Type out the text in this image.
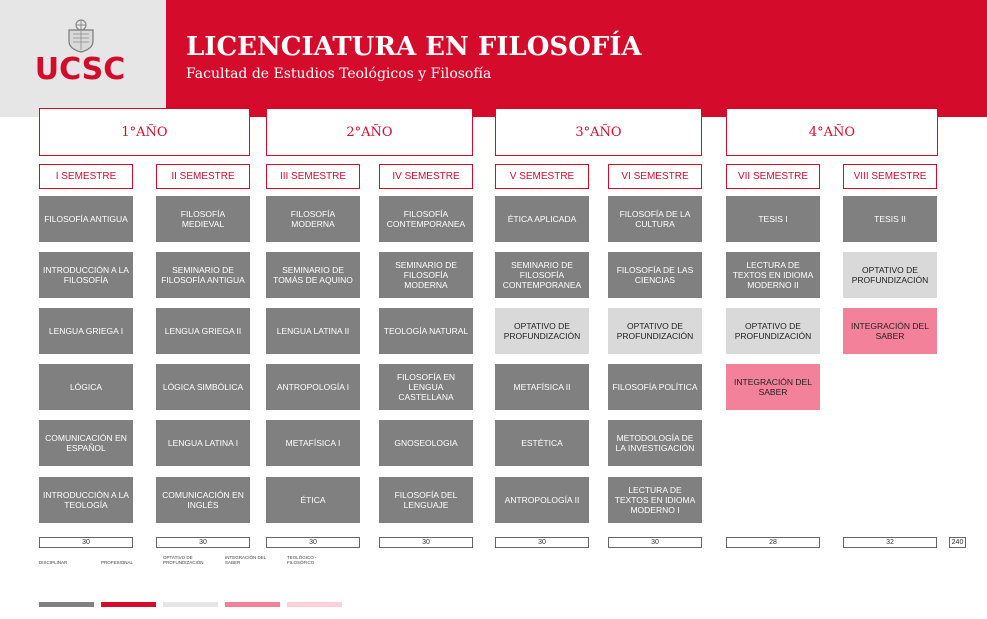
UCSC
LICENCIATURA EN FILOSOFÍA
Facultad de Estudios Teológicos y Filosofía
1°AÑO	2°AÑO	3°AÑO	4°AÑO
240
I SEMESTRE
FILOSOFÍA ANTIGUA
INTRODUCCIÓN A LA FILOSOFÍA
LENGUA GRIEGA I
LÓGICA
COMUNICACIÓN EN ESPAÑOL
INTRODUCCIÓN A LA TEOLOGÍA
30
II SEMESTRE
FILOSOFÍA MEDIEVAL
SEMINARIO DE FILOSOFÍA ANTIGUA
LENGUA GRIEGA II
LÓGICA SIMBÓLICA
LENGUA LATINA I
COMUNICACIÓN EN INGLÉS
30
III SEMESTRE
FILOSOFÍA MODERNA
SEMINARIO DE TOMÁS DE AQUINO
LENGUA LATINA II
ANTROPOLOGÍA I
METAFÍSICA I
ÉTICA
30
IV SEMESTRE
FILOSOFÍA CONTEMPORANEA
SEMINARIO DE FILOSOFÍA MODERNA
TEOLOGÍA NATURAL
FILOSOFÍA EN LENGUA CASTELLANA
GNOSEOLOGIA
FILOSOFÍA DEL LENGUAJE
30
V SEMESTRE
ÉTICA APLICADA
SEMINARIO DE FILOSOFÍA CONTEMPORANEA
OPTATIVO DE PROFUNDIZACIÓN
METAFÍSICA II
ESTÉTICA
ANTROPOLOGÍA II
30
VI SEMESTRE
FILOSOFÍA DE LA CULTURA
FILOSOFÍA DE LAS CIENCIAS
OPTATIVO DE PROFUNDIZACIÓN
FILOSOFÍA POLÍTICA
METODOLOGÍA DE LA INVESTIGACIÓN
LECTURA DE TEXTOS EN IDIOMA MODERNO I
30
VII SEMESTRE
TESIS I
LECTURA DE TEXTOS EN IDIOMA MODERNO II
OPTATIVO DE PROFUNDIZACIÓN
INTEGRACIÓN DEL SABER
28
VIII SEMESTRE
TESIS II
OPTATIVO DE PROFUNDIZACIÓN
INTEGRACIÓN DEL SABER
32
DISCIPLINAR	PROFESIONAL
OPTATIVO DE PROFUNDIZACIÓN
INTEGRACIÓN DEL SABER
TEOLÓGICO - FILOSÓFICO
